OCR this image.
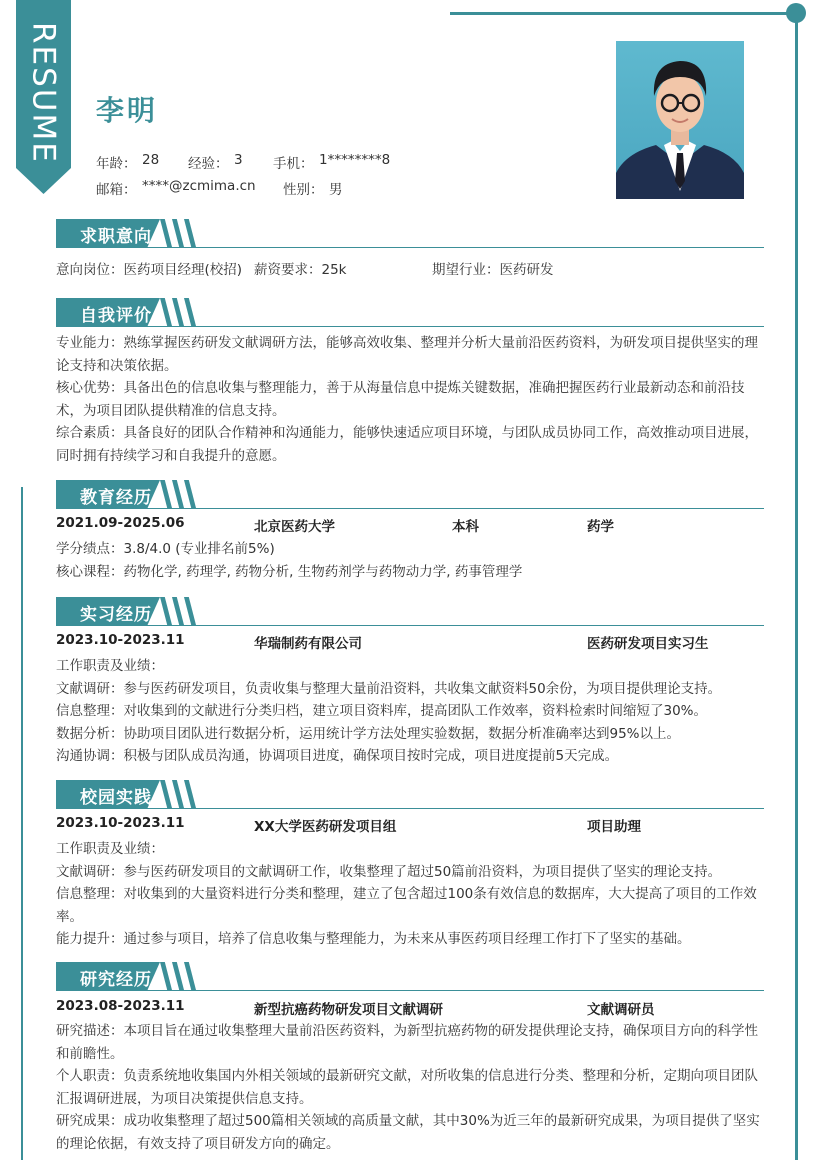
RESUME	李明
年龄： 28 经验： 3 手机： 1********8
邮箱： ****@zcmima.cn 性别： 男
求职意向
意向岗位：医药项目经理(校招) 薪资要求：25k	期望行业：医药研发
自我评价
专业能力：熟练掌握医药研发文献调研方法，能够高效收集、整理并分析大量前沿医药资料，为研发项目提供坚实的理论支持和决策依据。
核心优势：具备出色的信息收集与整理能力，善于从海量信息中提炼关键数据，准确把握医药行业最新动态和前沿技术，为项目团队提供精准的信息支持。
综合素质：具备良好的团队合作精神和沟通能力，能够快速适应项目环境，与团队成员协同工作，高效推动项目进展，同时拥有持续学习和自我提升的意愿。
教育经历
2021.09-2025.06	北京医药大学	本科	药学
学分绩点：3.8/4.0 (专业排名前5%)
核心课程：药物化学, 药理学, 药物分析, 生物药剂学与药物动力学, 药事管理学
实习经历
2023.10-2023.11	华瑞制药有限公司	医药研发项目实习生
工作职责及业绩：
文献调研：参与医药研发项目，负责收集与整理大量前沿资料，共收集文献资料50余份，为项目提供理论支持。
信息整理：对收集到的文献进行分类归档，建立项目资料库，提高团队工作效率，资料检索时间缩短了30%。
数据分析：协助项目团队进行数据分析，运用统计学方法处理实验数据，数据分析准确率达到95%以上。
沟通协调：积极与团队成员沟通，协调项目进度，确保项目按时完成，项目进度提前5天完成。
校园实践
2023.10-2023.11	XX大学医药研发项目组	项目助理
工作职责及业绩：
文献调研：参与医药研发项目的文献调研工作，收集整理了超过50篇前沿资料，为项目提供了坚实的理论支持。
信息整理：对收集到的大量资料进行分类和整理，建立了包含超过100条有效信息的数据库，大大提高了项目的工作效率。
能力提升：通过参与项目，培养了信息收集与整理能力，为未来从事医药项目经理工作打下了坚实的基础。
研究经历
2023.08-2023.11	新型抗癌药物研发项目文献调研	文献调研员
研究描述：本项目旨在通过收集整理大量前沿医药资料，为新型抗癌药物的研发提供理论支持，确保项目方向的科学性和前瞻性。
个人职责：负责系统地收集国内外相关领域的最新研究文献，对所收集的信息进行分类、整理和分析，定期向项目团队汇报调研进展，为项目决策提供信息支持。
研究成果：成功收集整理了超过500篇相关领域的高质量文献，其中30%为近三年的最新研究成果，为项目提供了坚实的理论依据，有效支持了项目研发方向的确定。
